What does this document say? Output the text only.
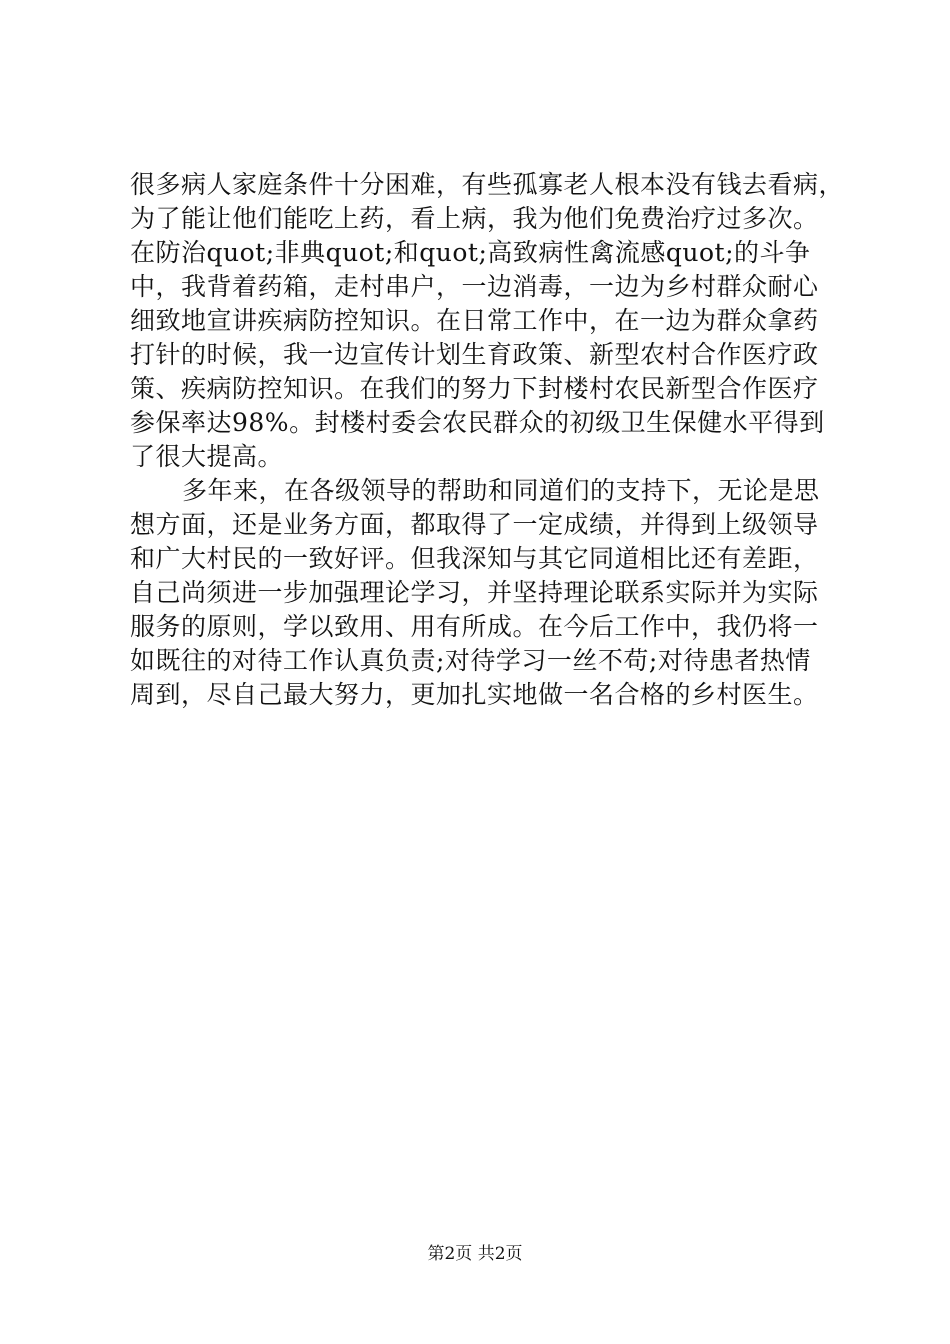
很多病人家庭条件十分困难，有些孤寡老人根本没有钱去看病，
为了能让他们能吃上药，看上病，我为他们免费治疗过多次。
在防治quot;非典quot;和quot;高致病性禽流感quot;的斗争
中，我背着药箱，走村串户，一边消毒，一边为乡村群众耐心
细致地宣讲疾病防控知识。在日常工作中，在一边为群众拿药
打针的时候，我一边宣传计划生育政策、新型农村合作医疗政
策、疾病防控知识。在我们的努力下封楼村农民新型合作医疗
参保率达98%。封楼村委会农民群众的初级卫生保健水平得到
了很大提高。
多年来，在各级领导的帮助和同道们的支持下，无论是思
想方面，还是业务方面，都取得了一定成绩，并得到上级领导
和广大村民的一致好评。但我深知与其它同道相比还有差距，
自己尚须进一步加强理论学习，并坚持理论联系实际并为实际
服务的原则，学以致用、用有所成。在今后工作中，我仍将一
如既往的对待工作认真负责;对待学习一丝不苟;对待患者热情
周到，尽自己最大努力，更加扎实地做一名合格的乡村医生。
第2页 共2页
